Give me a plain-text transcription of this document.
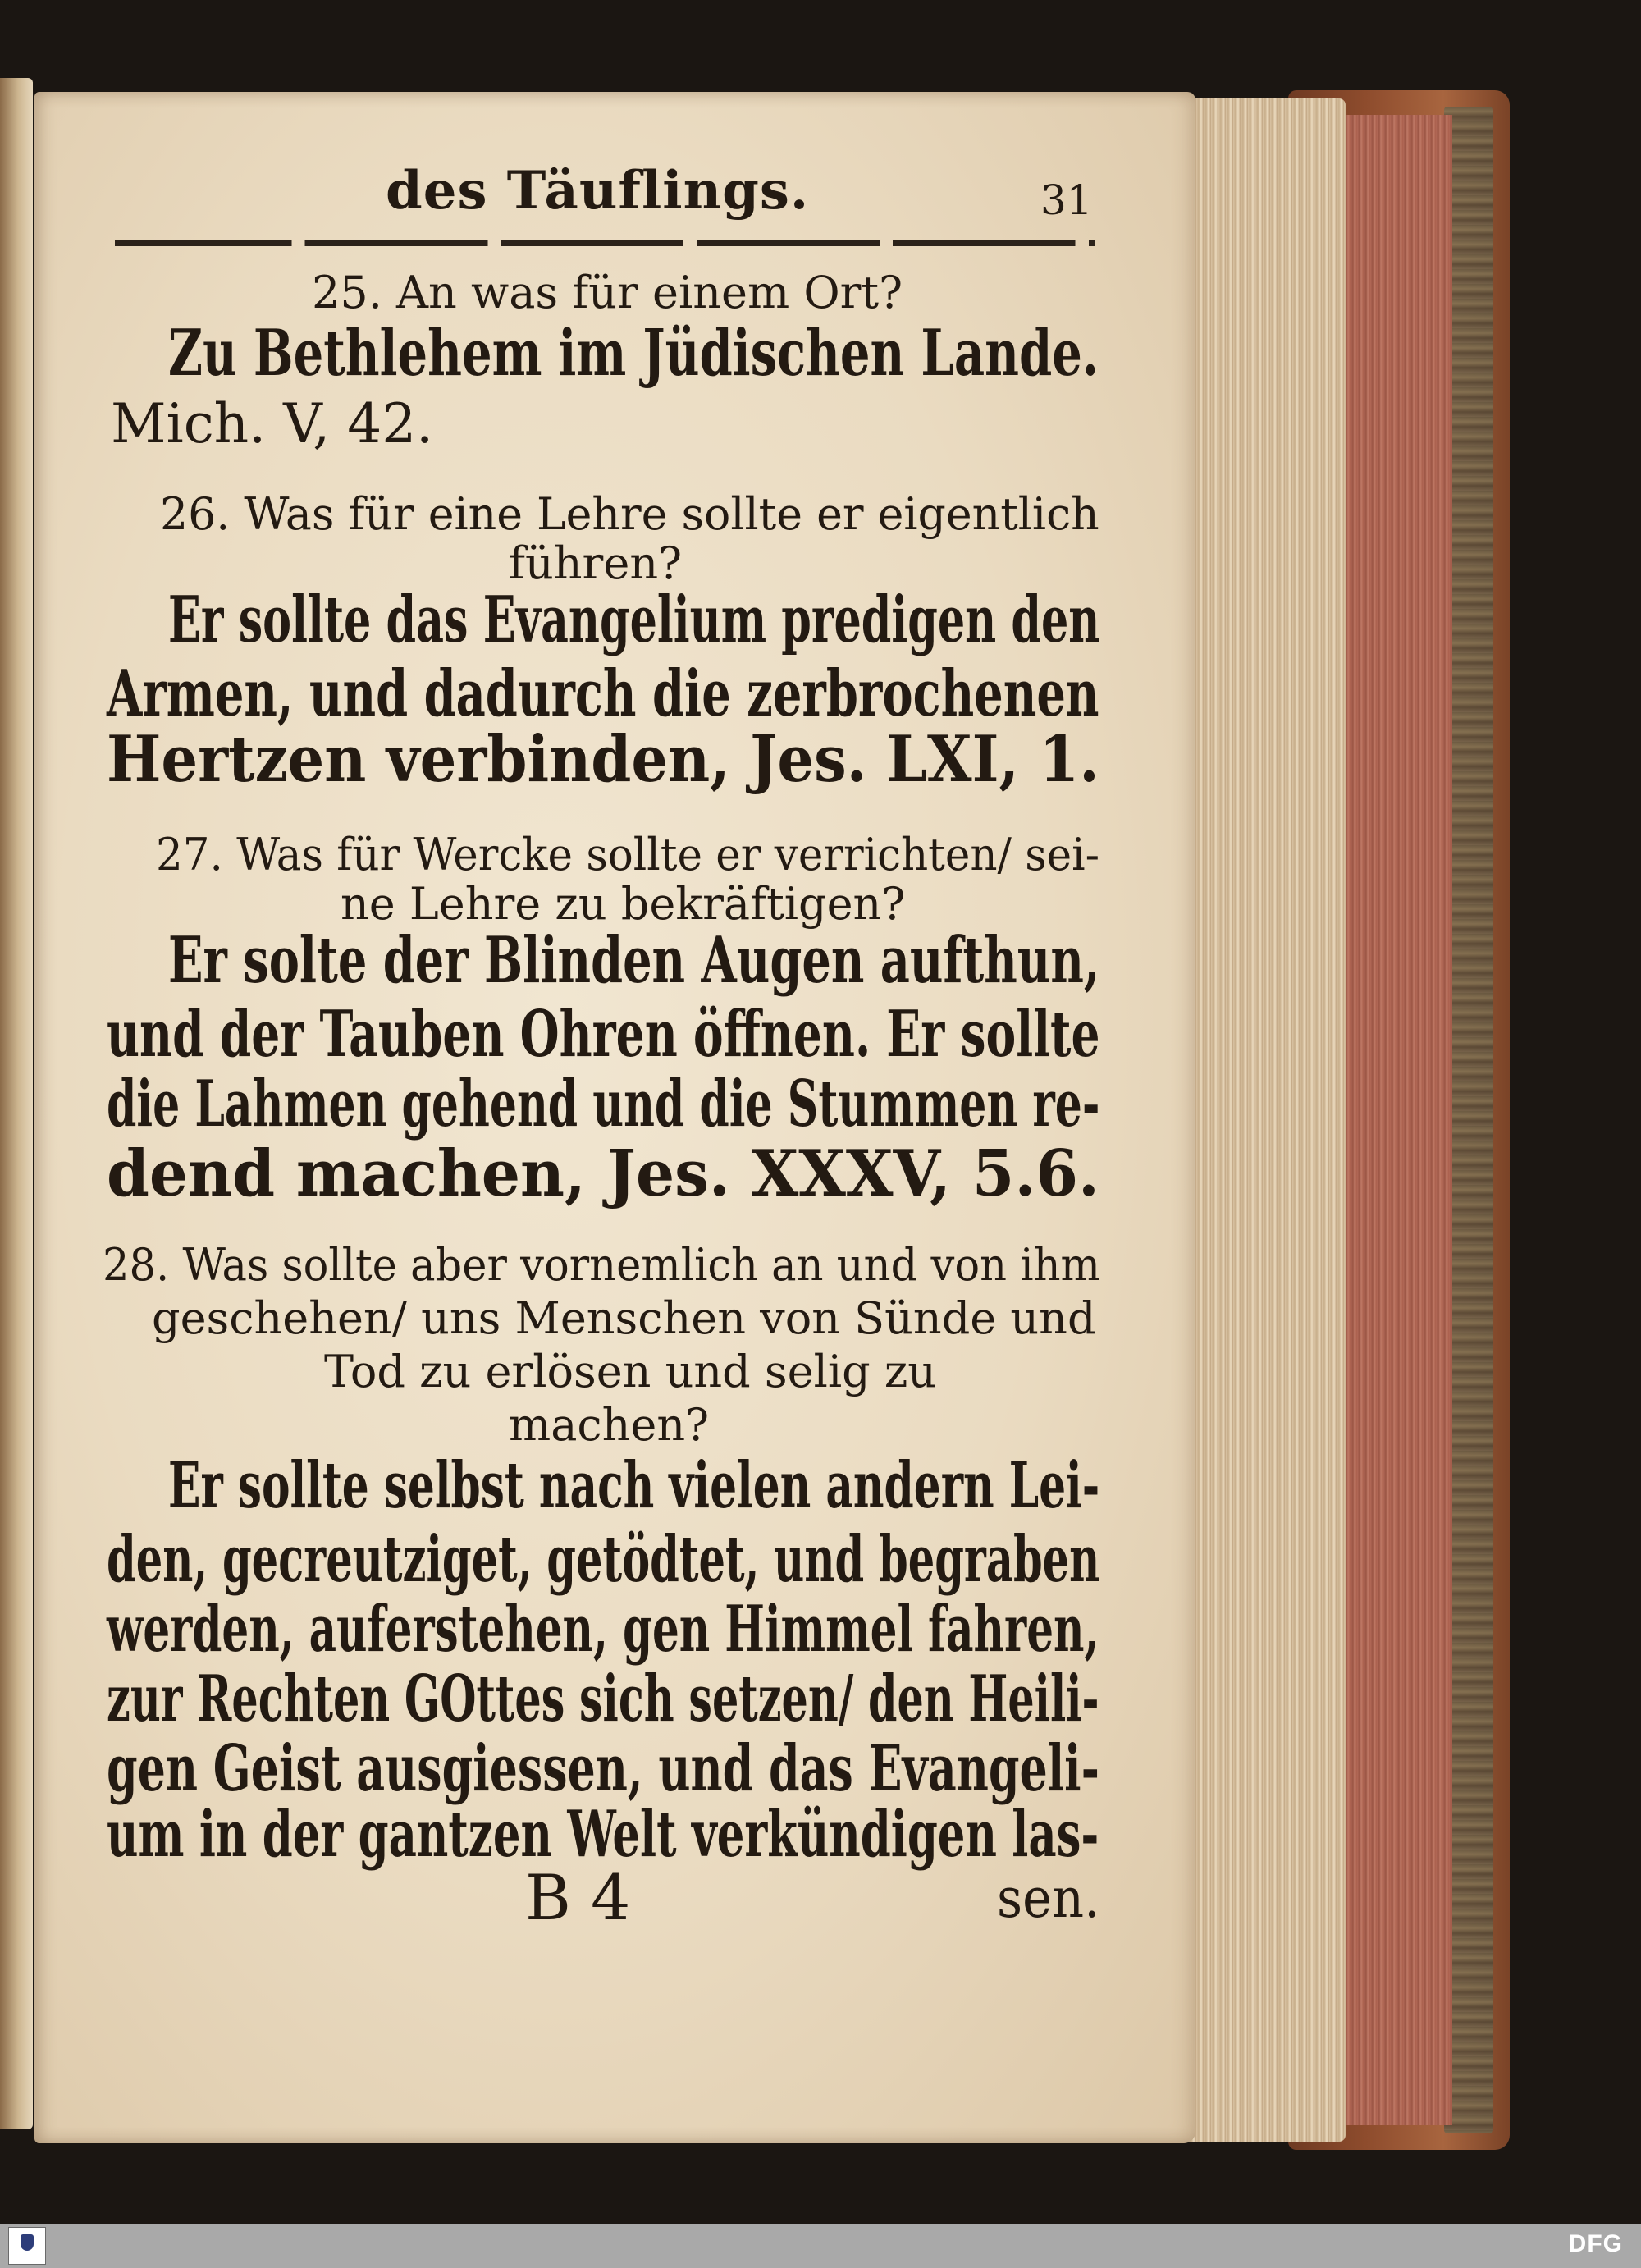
des Täuflings.	31
25. An was für einem Ort?
Zu Bethlehem im Jüdischen Lande.
Mich. V, 42.
26. Was für eine Lehre sollte er eigentlich
führen?
Er sollte das Evangelium predigen den
Armen, und dadurch die zerbrochenen
Hertzen verbinden, Jes. LXI, 1.
27. Was für Wercke sollte er verrichten/ sei-
ne Lehre zu bekräftigen?
Er solte der Blinden Augen aufthun,
und der Tauben Ohren öffnen. Er sollte
die Lahmen gehend und die Stummen re-
dend machen, Jes. XXXV, 5.6.
28. Was sollte aber vornemlich an und von ihm
geschehen/ uns Menschen von Sünde und
Tod zu erlösen und selig zu
machen?
Er sollte selbst nach vielen andern Lei-
den, gecreutziget, getödtet, und begraben
werden, auferstehen, gen Himmel fahren,
zur Rechten GOttes sich setzen/ den Heili-
gen Geist ausgiessen, und das Evangeli-
um in der gantzen Welt verkündigen las-
B 4	sen.
DFG
